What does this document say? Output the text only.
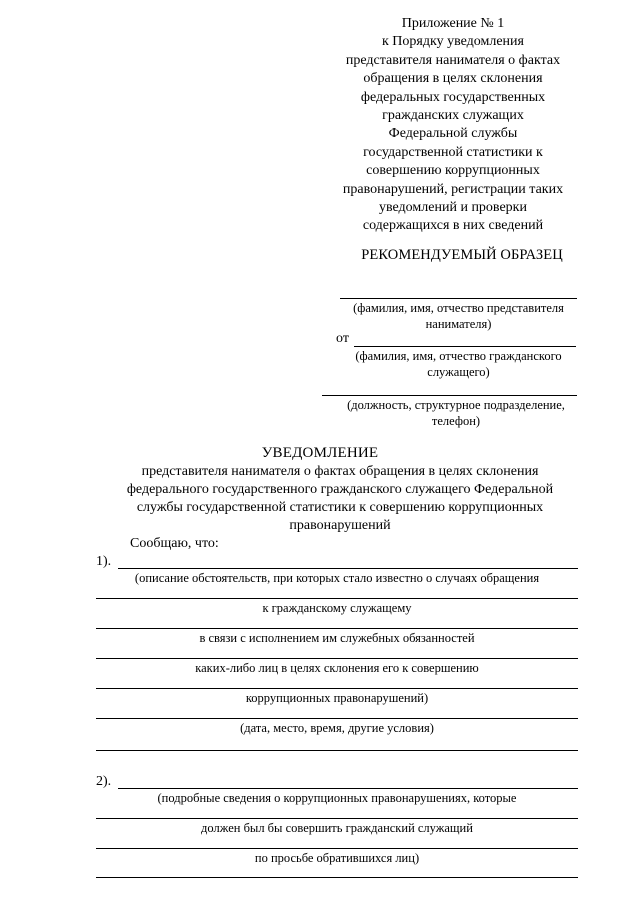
Приложение № 1
к Порядку уведомления
представителя нанимателя о фактах
обращения в целях склонения
федеральных государственных
гражданских служащих
Федеральной службы
государственной статистики к
совершению коррупционных
правонарушений, регистрации таких
уведомлений и проверки
содержащихся в них сведений
РЕКОМЕНДУЕМЫЙ ОБРАЗЕЦ
(фамилия, имя, отчество представителя
нанимателя)
от
(фамилия, имя, отчество гражданского
служащего)
(должность, структурное подразделение,
телефон)
УВЕДОМЛЕНИЕ
представителя нанимателя о фактах обращения в целях склонения
федерального государственного гражданского служащего Федеральной
службы государственной статистики к совершению коррупционных
правонарушений
Сообщаю, что:
1).
(описание обстоятельств, при которых стало известно о случаях обращения
к гражданскому служащему
в связи с исполнением им служебных обязанностей
каких-либо лиц в целях склонения его к совершению
коррупционных правонарушений)
(дата, место, время, другие условия)
2).
(подробные сведения о коррупционных правонарушениях, которые
должен был бы совершить гражданский служащий
по просьбе обратившихся лиц)
